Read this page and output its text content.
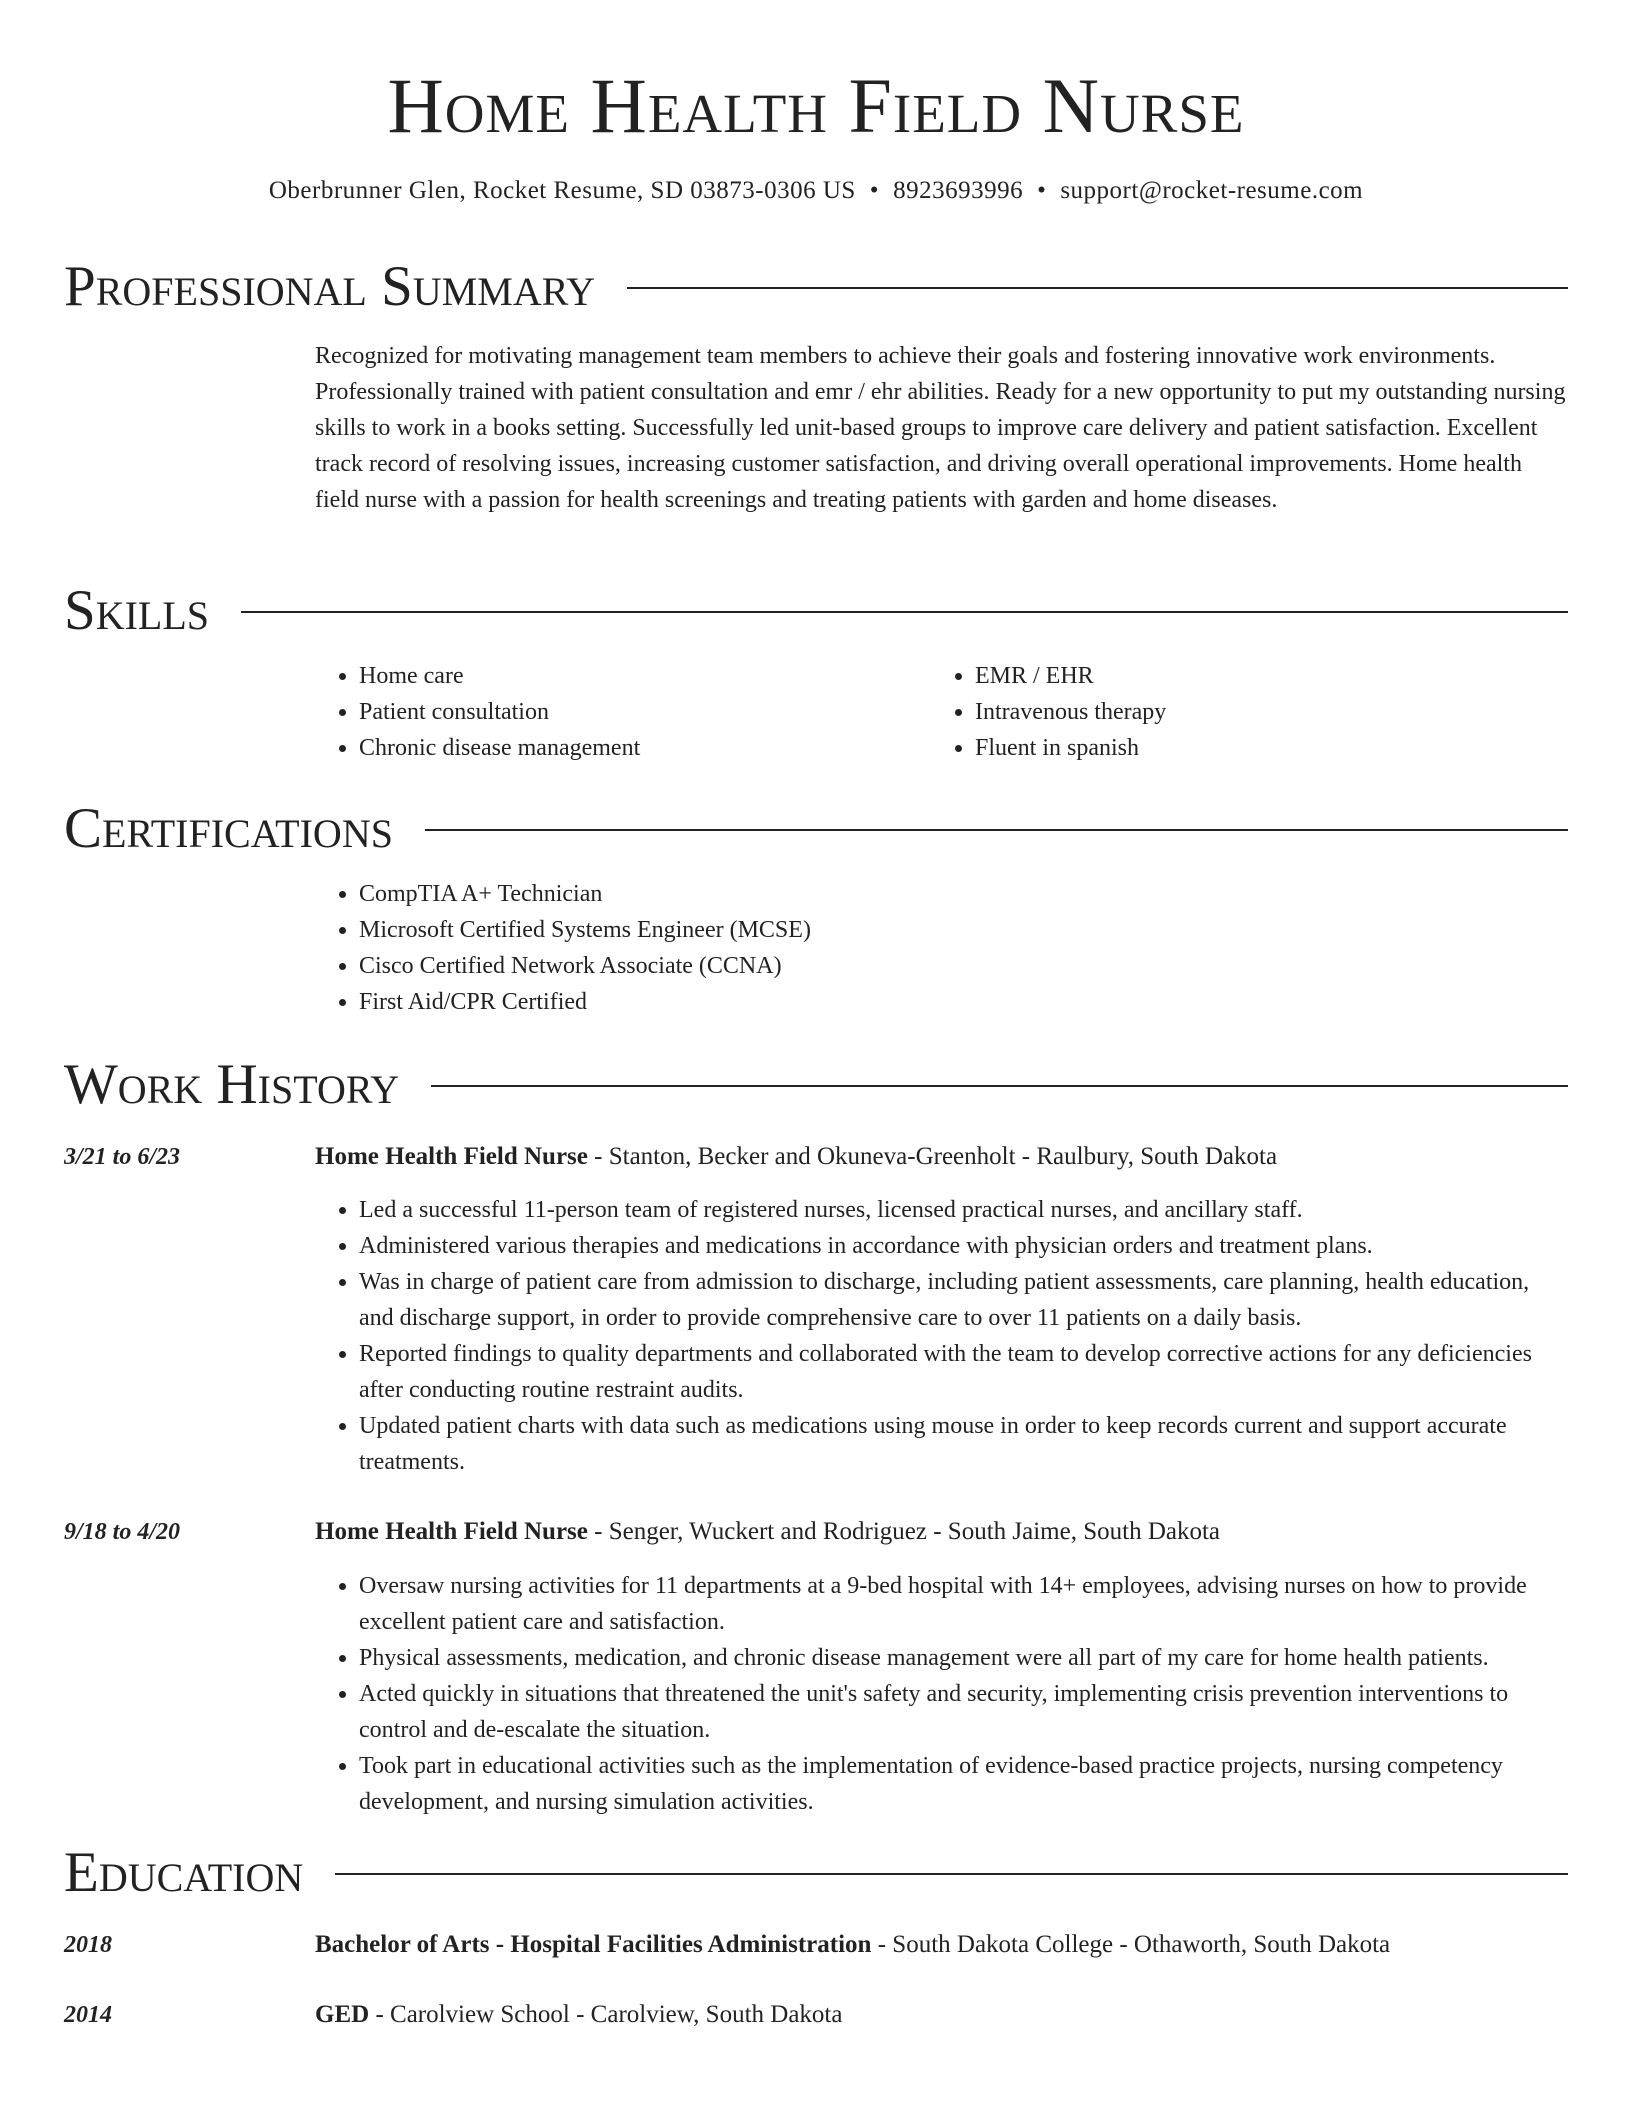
Home Health Field Nurse
Oberbrunner Glen, Rocket Resume, SD 03873-0306 US • 8923693996 • support@rocket-resume.com
Professional Summary

Recognized for motivating management team members to achieve their goals and fostering innovative work environments. Professionally trained with patient consultation and emr / ehr abilities. Ready for a new opportunity to put my outstanding nursing skills to work in a books setting. Successfully led unit-based groups to improve care delivery and patient satisfaction. Excellent track record of resolving issues, increasing customer satisfaction, and driving overall operational improvements. Home health field nurse with a passion for health screenings and treating patients with garden and home diseases.

Skills
• Home care
• Patient consultation
• Chronic disease management
• EMR / EHR
• Intravenous therapy
• Fluent in spanish
Certifications
• CompTIA A+ Technician
• Microsoft Certified Systems Engineer (MCSE)
• Cisco Certified Network Associate (CCNA)
• First Aid/CPR Certified
Work History
3/21 to 6/23	Home Health Field Nurse - Stanton, Becker and Okuneva-Greenholt - Raulbury, South Dakota
• Led a successful 11-person team of registered nurses, licensed practical nurses, and ancillary staff.
• Administered various therapies and medications in accordance with physician orders and treatment plans.
• Was in charge of patient care from admission to discharge, including patient assessments, care planning, health education, and discharge support, in order to provide comprehensive care to over 11 patients on a daily basis.
• Reported findings to quality departments and collaborated with the team to develop corrective actions for any deficiencies after conducting routine restraint audits.
• Updated patient charts with data such as medications using mouse in order to keep records current and support accurate treatments.
9/18 to 4/20	Home Health Field Nurse - Senger, Wuckert and Rodriguez - South Jaime, South Dakota
• Oversaw nursing activities for 11 departments at a 9-bed hospital with 14+ employees, advising nurses on how to provide excellent patient care and satisfaction.
• Physical assessments, medication, and chronic disease management were all part of my care for home health patients.
• Acted quickly in situations that threatened the unit's safety and security, implementing crisis prevention interventions to control and de-escalate the situation.
• Took part in educational activities such as the implementation of evidence-based practice projects, nursing competency development, and nursing simulation activities.
Education
2018	Bachelor of Arts - Hospital Facilities Administration - South Dakota College - Othaworth, South Dakota
2014	GED - Carolview School - Carolview, South Dakota
